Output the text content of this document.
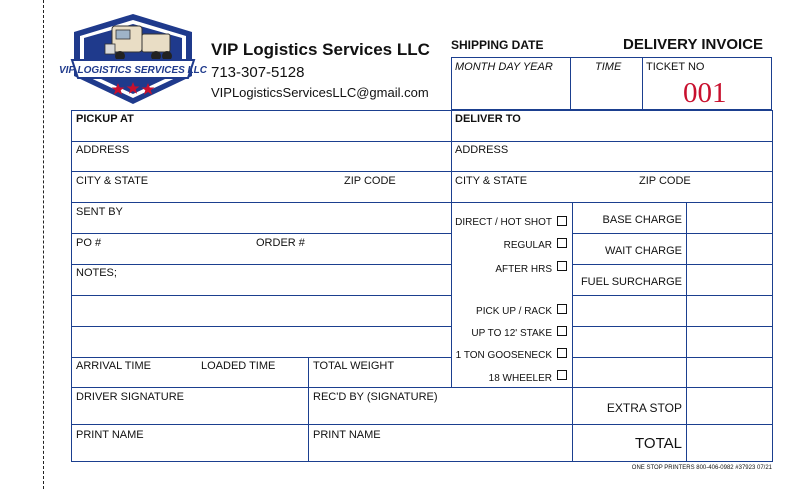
VIP LOGISTICS SERVICES LLC
VIP Logistics Services LLC
713-307-5128
VIPLogisticsServicesLLC@gmail.com
SHIPPING DATE	DELIVERY INVOICE
MONTH DAY YEAR	TIME TICKET NO
001
PICKUP AT	DELIVER TO
ADDRESS	ADDRESS
CITY & STATE	ZIP CODE	CITY & STATE	ZIP CODE
SENT BY
PO #	ORDER #
NOTES;
ARRIVAL TIME	LOADED TIME	TOTAL WEIGHT
DRIVER SIGNATURE	REC'D BY (SIGNATURE)
PRINT NAME	PRINT NAME
DIRECT / HOT SHOT
REGULAR
AFTER HRS
PICK UP / RACK
UP TO 12' STAKE
1 TON GOOSENECK
18 WHEELER
BASE CHARGE
WAIT CHARGE
FUEL SURCHARGE
EXTRA STOP
TOTAL
ONE STOP PRINTERS 800-406-0982 #37923 07/21
